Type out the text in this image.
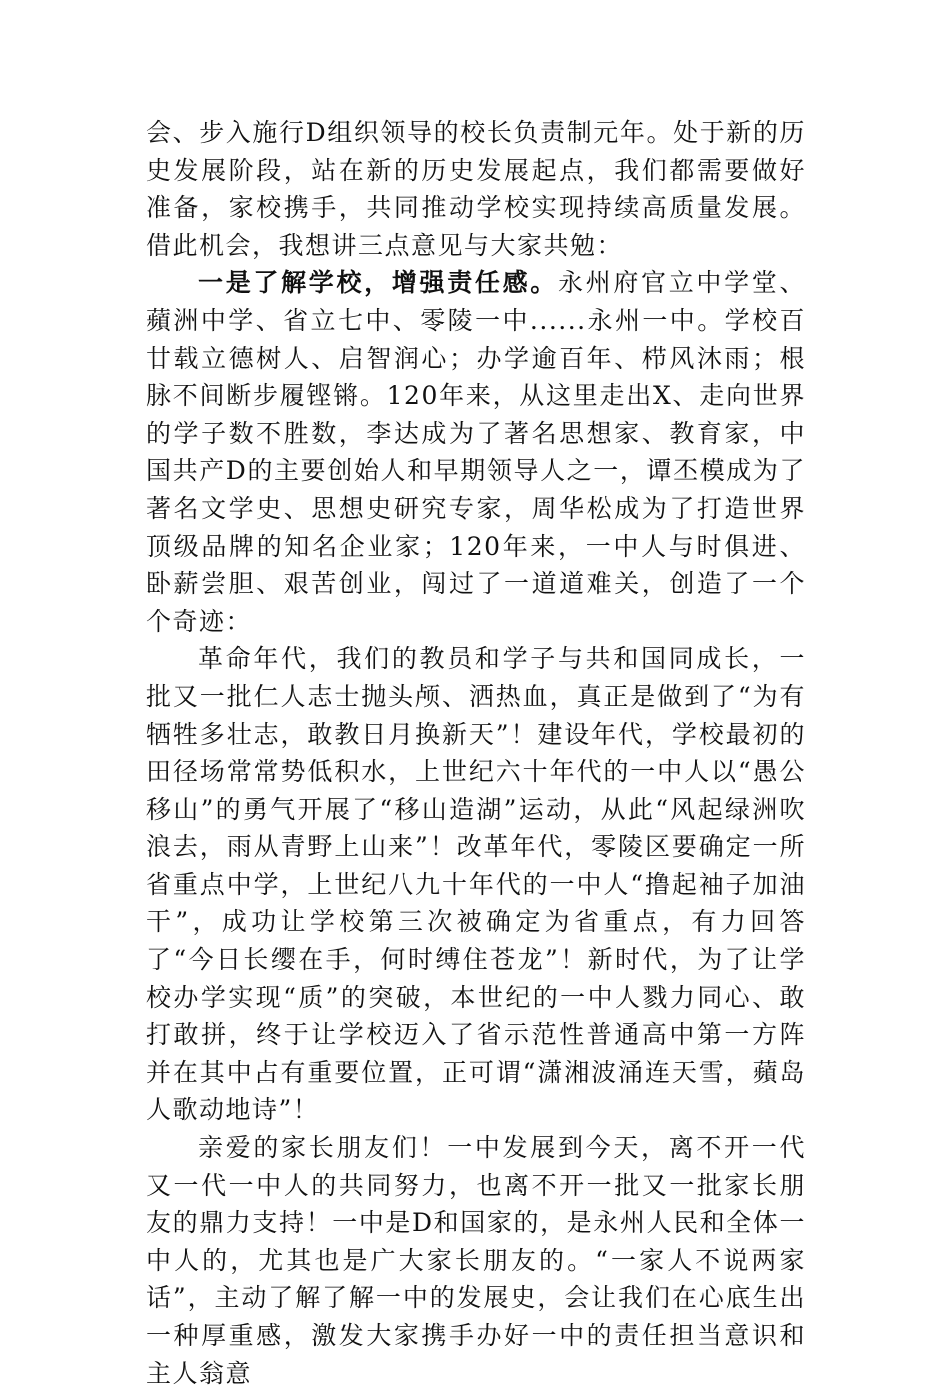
会、步入施行D组织领导的校长负责制元年。处于新的历史发展阶段，站在新的历史发展起点，我们都需要做好准备，家校携手，共同推动学校实现持续高质量发展。借此机会，我想讲三点意见与大家共勉：

一是了解学校，增强责任感。永州府官立中学堂、蘋洲中学、省立七中、零陵一中......永州一中。学校百廿载立德树人、启智润心；办学逾百年、栉风沐雨；根脉不间断步履铿锵。120年来，从这里走出X、走向世界的学子数不胜数，李达成为了著名思想家、教育家，中国共产D的主要创始人和早期领导人之一，谭丕模成为了著名文学史、思想史研究专家，周华松成为了打造世界顶级品牌的知名企业家；120年来，一中人与时俱进、卧薪尝胆、艰苦创业，闯过了一道道难关，创造了一个个奇迹：

革命年代，我们的教员和学子与共和国同成长，一批又一批仁人志士抛头颅、洒热血，真正是做到了“为有牺牲多壮志，敢教日月换新天”！建设年代，学校最初的田径场常常势低积水，上世纪六十年代的一中人以“愚公移山”的勇气开展了“移山造湖”运动，从此“风起绿洲吹浪去，雨从青野上山来”！改革年代，零陵区要确定一所省重点中学，上世纪八九十年代的一中人“撸起袖子加油干”，成功让学校第三次被确定为省重点，有力回答了“今日长缨在手，何时缚住苍龙”！新时代，为了让学校办学实现“质”的突破，本世纪的一中人戮力同心、敢打敢拼，终于让学校迈入了省示范性普通高中第一方阵并在其中占有重要位置，正可谓“潇湘波涌连天雪，蘋岛人歌动地诗”！

亲爱的家长朋友们！一中发展到今天，离不开一代又一代一中人的共同努力，也离不开一批又一批家长朋友的鼎力支持！一中是D和国家的，是永州人民和全体一中人的，尤其也是广大家长朋友的。“一家人不说两家话”，主动了解了解一中的发展史，会让我们在心底生出一种厚重感，激发大家携手办好一中的责任担当意识和主人翁意
